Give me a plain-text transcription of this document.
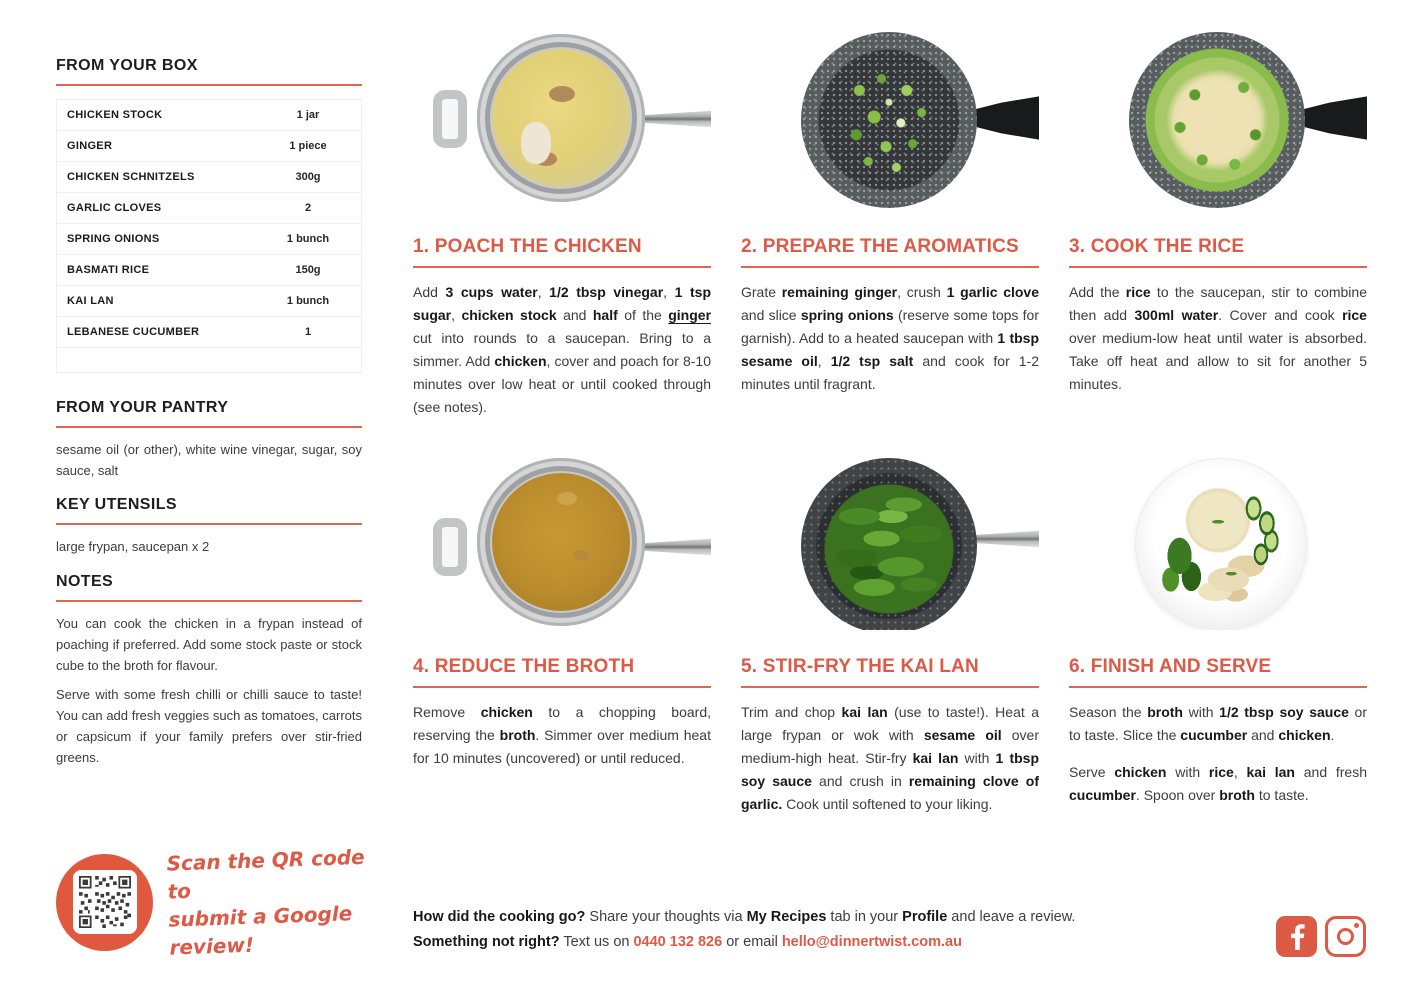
FROM YOUR BOX
CHICKEN STOCK	1 jar
GINGER	1 piece
CHICKEN SCHNITZELS	300g
GARLIC CLOVES	2
SPRING ONIONS	1 bunch
BASMATI RICE	150g
KAI LAN	1 bunch
LEBANESE CUCUMBER	1
FROM YOUR PANTRY
sesame oil (or other), white wine vinegar, sugar, soy sauce, salt
KEY UTENSILS
large frypan, saucepan x 2
NOTES
You can cook the chicken in a frypan instead of poaching if preferred. Add some stock paste or stock cube to the broth for flavour.
Serve with some fresh chilli or chilli sauce to taste! You can add fresh veggies such as tomatoes, carrots or capsicum if your family prefers over stir-fried greens.
Scan the QR code to
submit a Google review!
1. POACH THE CHICKEN

Add 3 cups water, 1/2 tbsp vinegar, 1 tsp sugar, chicken stock and half of the ginger cut into rounds to a saucepan. Bring to a simmer. Add chicken, cover and poach for 8-10 minutes over low heat or until cooked through (see notes).

2. PREPARE THE AROMATICS

Grate remaining ginger, crush 1 garlic clove and slice spring onions (reserve some tops for garnish). Add to a heated saucepan with 1 tbsp sesame oil, 1/2 tsp salt and cook for 1-2 minutes until fragrant.

3. COOK THE RICE

Add the rice to the saucepan, stir to combine then add 300ml water. Cover and cook rice over medium-low heat until water is absorbed. Take off heat and allow to sit for another 5 minutes.

4. REDUCE THE BROTH

Remove chicken to a chopping board, reserving the broth. Simmer over medium heat for 10 minutes (uncovered) or until reduced.

5. STIR-FRY THE KAI LAN

Trim and chop kai lan (use to taste!). Heat a large frypan or wok with sesame oil over medium-high heat. Stir-fry kai lan with 1 tbsp soy sauce and crush in remaining clove of garlic. Cook until softened to your liking.

6. FINISH AND SERVE

Season the broth with 1/2 tbsp soy sauce or to taste. Slice the cucumber and chicken.

Serve chicken with rice, kai lan and fresh cucumber. Spoon over broth to taste.

How did the cooking go? Share your thoughts via My Recipes tab in your Profile and leave a review.
Something not right? Text us on 0440 132 826 or email hello@dinnertwist.com.au
